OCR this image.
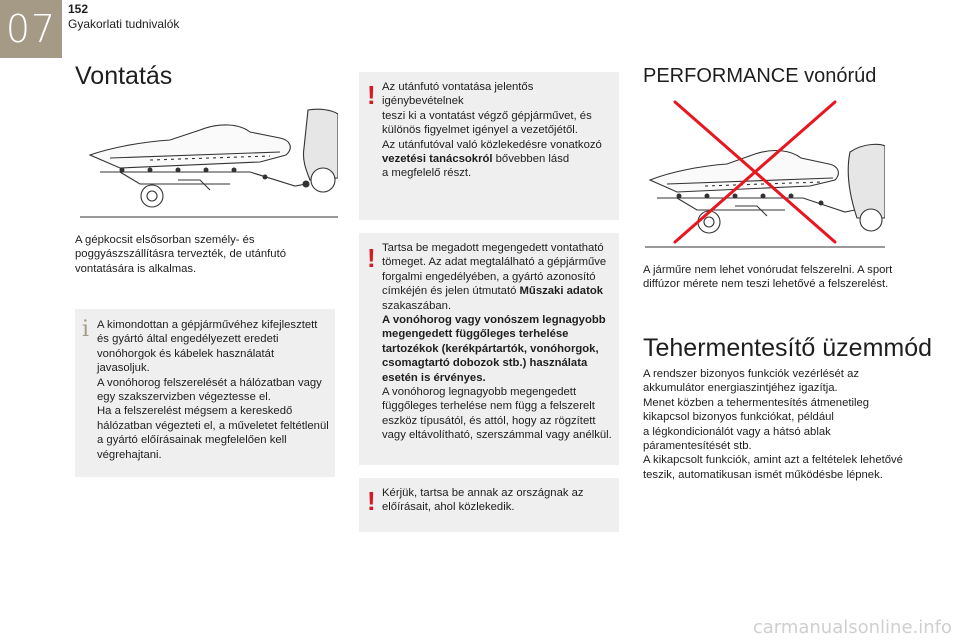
07 152
Gyakorlati tudnivalók
Vontatás
A gépkocsit elsősorban személy- és
poggyászszállításra tervezték, de utánfutó
vontatására is alkalmas.
i A kimondottan a gépjárművéhez kifejlesztett
és gyártó által engedélyezett eredeti
vonóhorgok és kábelek használatát javasoljuk.
A vonóhorog felszerelését a hálózatban vagy
egy szakszervizben végeztesse el.
Ha a felszerelést mégsem a kereskedő
hálózatban végezteti el, a műveletet feltétlenül
a gyártó előírásainak megfelelően kell
végrehajtani.
! Az utánfutó vontatása jelentős igénybevételnek
teszi ki a vontatást végző gépjárművet, és
különös figyelmet igényel a vezetőjétől.
Az utánfutóval való közlekedésre vonatkozó
vezetési tanácsokról bővebben lásd
a megfelelő részt.
! Tartsa be megadott megengedett vontatható
tömeget. Az adat megtalálható a gépjárműve
forgalmi engedélyében, a gyártó azonosító
címkéjén és jelen útmutató Műszaki adatok
szakaszában.
A vonóhorog vagy vonószem legnagyobb
megengedett függőleges terhelése
tartozékok (kerékpártartók, vonóhorgok,
csomagtartó dobozok stb.) használata
esetén is érvényes.
A vonóhorog legnagyobb megengedett
függőleges terhelése nem függ a felszerelt
eszköz típusától, és attól, hogy az rögzített
vagy eltávolítható, szerszámmal vagy anélkül.
! Kérjük, tartsa be annak az országnak az
előírásait, ahol közlekedik.
PERFORMANCE vonórúd
A járműre nem lehet vonórudat felszerelni. A sport
diffúzor mérete nem teszi lehetővé a felszerelést.
Tehermentesítő üzemmód
A rendszer bizonyos funkciók vezérlését az
akkumulátor energiaszintjéhez igazítja.
Menet közben a tehermentesítés átmenetileg
kikapcsol bizonyos funkciókat, például
a légkondicionálót vagy a hátsó ablak
páramentesítését stb.
A kikapcsolt funkciók, amint azt a feltételek lehetővé
teszik, automatikusan ismét működésbe lépnek.
carmanualsonline.info
